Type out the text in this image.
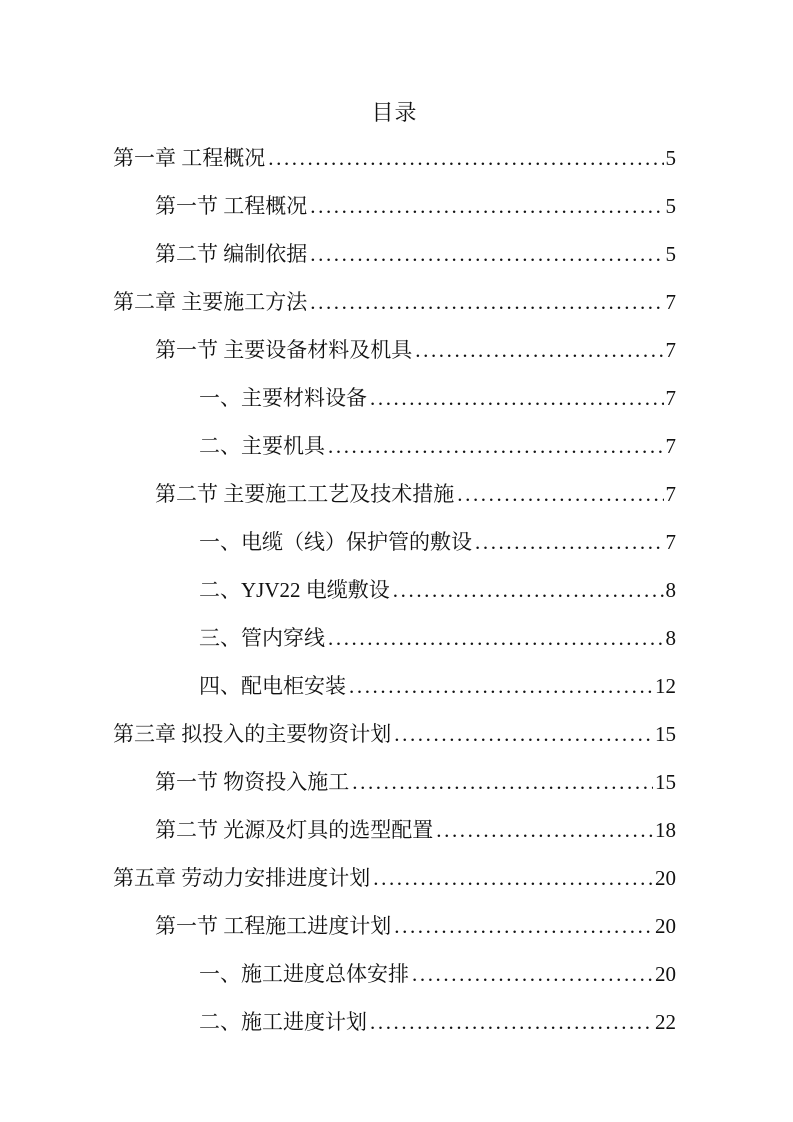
目录
第一章 工程概况 .....	5
第一节 工程概况 .....	5
第二节 编制依据 .....	5
第二章 主要施工方法 .....	7
第一节 主要设备材料及机具 .....	7
一、主要材料设备 .....	7
二、主要机具 .....	7
第二节 主要施工工艺及技术措施 .....	7
一、电缆（线）保护管的敷设 .....	7
二、YJV22 电缆敷设 .....	8
三、管内穿线 .....	8
四、配电柜安装 .....	12
第三章 拟投入的主要物资计划 .....	15
第一节 物资投入施工 .....	15
第二节 光源及灯具的选型配置 .....	18
第五章 劳动力安排进度计划 .....	20
第一节 工程施工进度计划 .....	20
一、施工进度总体安排 .....	20
二、施工进度计划 .....	22
